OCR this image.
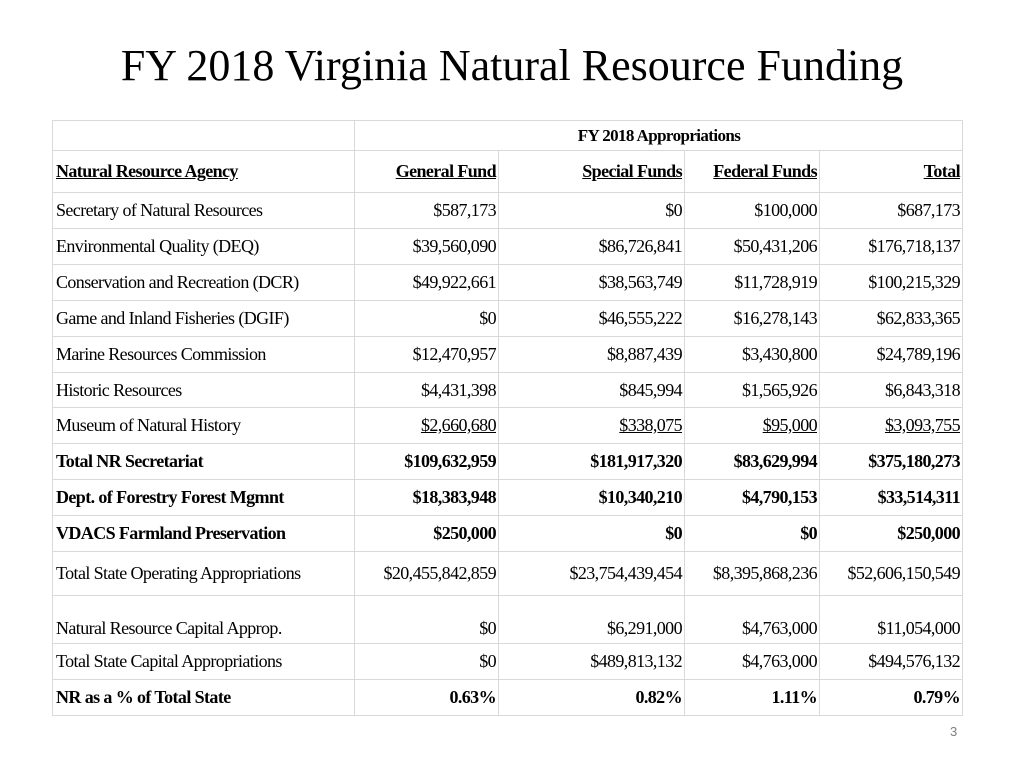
FY 2018 Virginia Natural Resource Funding
	FY 2018 Appropriations			
Natural Resource Agency	General Fund	Special Funds	Federal Funds	Total
Secretary of Natural Resources	$587,173	$0	$100,000	$687,173
Environmental Quality (DEQ)	$39,560,090	$86,726,841	$50,431,206	$176,718,137
Conservation and Recreation (DCR)	$49,922,661	$38,563,749	$11,728,919	$100,215,329
Game and Inland Fisheries (DGIF)	$0	$46,555,222	$16,278,143	$62,833,365
Marine Resources Commission	$12,470,957	$8,887,439	$3,430,800	$24,789,196
Historic Resources	$4,431,398	$845,994	$1,565,926	$6,843,318
Museum of Natural History	$2,660,680	$338,075	$95,000	$3,093,755
Total NR Secretariat	$109,632,959	$181,917,320	$83,629,994	$375,180,273
Dept. of Forestry Forest Mgmnt	$18,383,948	$10,340,210	$4,790,153	$33,514,311
VDACS Farmland Preservation	$250,000	$0	$0	$250,000
Total State Operating Appropriations	$20,455,842,859	$23,754,439,454	$8,395,868,236	$52,606,150,549
Natural Resource Capital Approp.	$0	$6,291,000	$4,763,000	$11,054,000
Total State Capital Appropriations	$0	$489,813,132	$4,763,000	$494,576,132
NR as a % of Total State	0.63%	0.82%	1.11%	0.79%
3
